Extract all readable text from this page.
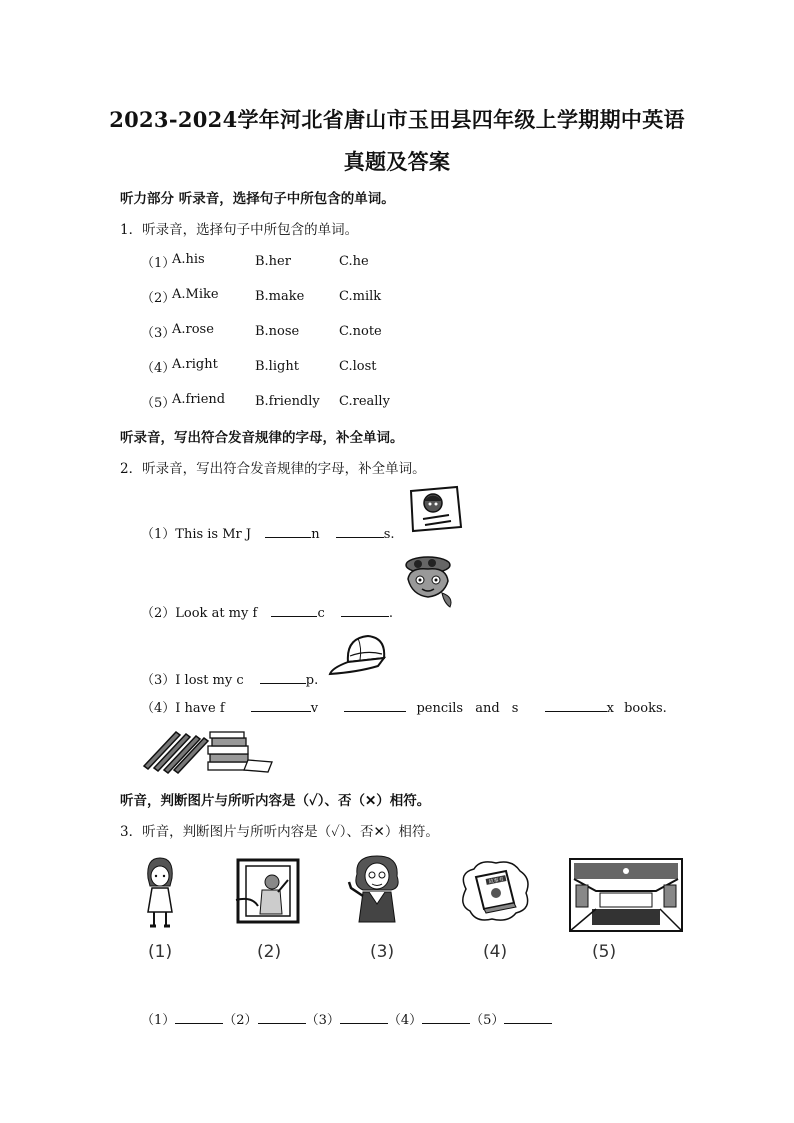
2023-2024学年河北省唐山市玉田县四年级上学期期中英语
真题及答案
听力部分 听录音，选择句子中所包含的单词。
1．听录音，选择句子中所包含的单词。
（1）
A.his	B.her	C.he
（2）
A.Mike	B.make	C.milk
（3）
A.rose	B.nose	C.note
（4）
A.right	B.light	C.lost
（5）
A.friend B.friendly C.really
听录音，写出符合发音规律的字母，补全单词。
2．听录音，写出符合发音规律的字母，补全单词。
（1）This is Mr J	n	s.
（2）Look at my f	c	.
（3）I lost my c	p.
（4）I have f	v	pencils and s	x books.
听音，判断图片与所听内容是（✓）、否（✕）相符。
3．听音，判断图片与所听内容是（✓）、否✕）相符。
故事书
(1)	(2)	(3)	(4)	(5)
（1）	（2）	（3）	（4）	（5）
